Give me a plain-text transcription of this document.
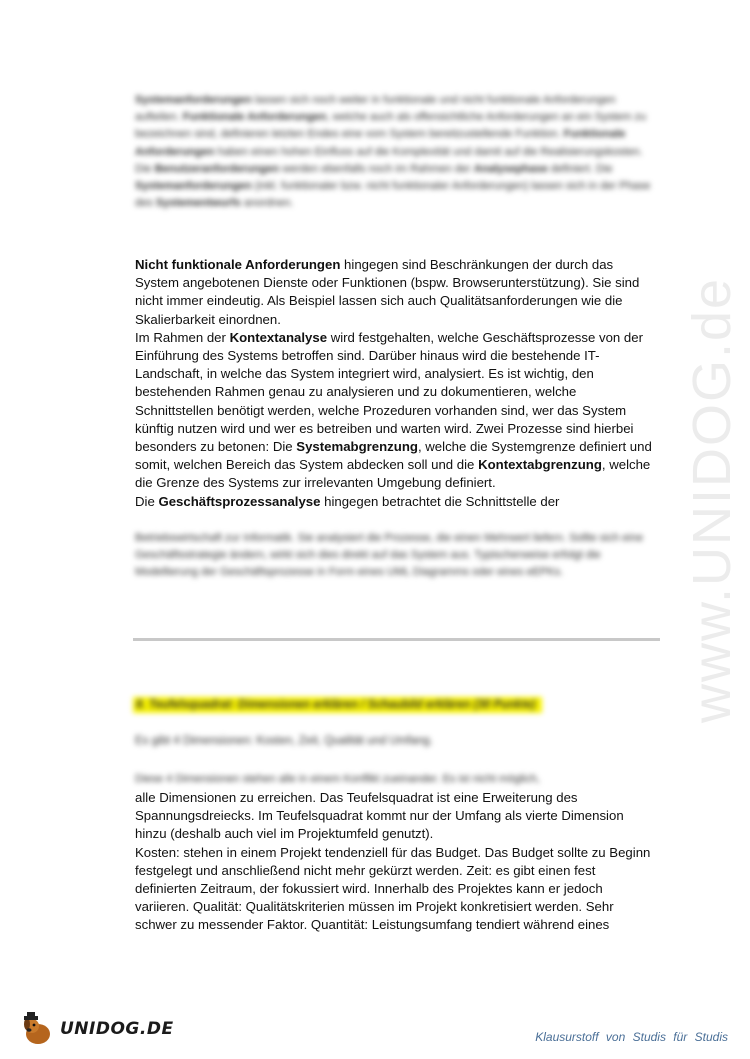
www.UNIDOG.de

Systemanforderungen lassen sich noch weiter in funktionale und nicht funktionale Anforderungen aufteilen. Funktionale Anforderungen, welche auch als offensichtliche Anforderungen an ein System zu bezeichnen sind, definieren letzten Endes eine vom System bereitzustellende Funktion. Funktionale Anforderungen haben einen hohen Einfluss auf die Komplexität und damit auf die Realisierungskosten.

Die Benutzeranforderungen werden ebenfalls noch im Rahmen der Analysephase definiert. Die Systemanforderungen (inkl. funktionaler bzw. nicht funktionaler Anforderungen) lassen sich in der Phase des Systementwurfs anordnen.

Nicht funktionale Anforderungen hingegen sind Beschränkungen der durch das System angebotenen Dienste oder Funktionen (bspw. Browserunterstützung). Sie sind nicht immer eindeutig. Als Beispiel lassen sich auch Qualitätsanforderungen wie die Skalierbarkeit einordnen.

Im Rahmen der Kontextanalyse wird festgehalten, welche Geschäftsprozesse von der Einführung des Systems betroffen sind. Darüber hinaus wird die bestehende IT-Landschaft, in welche das System integriert wird, analysiert. Es ist wichtig, den bestehenden Rahmen genau zu analysieren und zu dokumentieren, welche Schnittstellen benötigt werden, welche Prozeduren vorhanden sind, wer das System künftig nutzen wird und wer es betreiben und warten wird. Zwei Prozesse sind hierbei besonders zu betonen: Die Systemabgrenzung, welche die Systemgrenze definiert und somit, welchen Bereich das System abdecken soll und die Kontextabgrenzung, welche die Grenze des Systems zur irrelevanten Umgebung definiert.

Die Geschäftsprozessanalyse hingegen betrachtet die Schnittstelle der

Betriebswirtschaft zur Informatik. Sie analysiert die Prozesse, die einen Mehrwert liefern. Sollte sich eine Geschäftsstrategie ändern, wirkt sich dies direkt auf das System aus. Typischerweise erfolgt die Modellierung der Geschäftsprozesse in Form eines UML Diagramms oder eines eEPKs.

8. Teufelsquadrat: Dimensionen erklären / Schaubild erklären (30 Punkte)
Es gibt 4 Dimensionen: Kosten, Zeit, Qualität und Umfang.
Diese 4 Dimensionen stehen alle in einem Konflikt zueinander. Es ist nicht möglich,
alle Dimensionen zu erreichen. Das Teufelsquadrat ist eine Erweiterung des Spannungsdreiecks. Im Teufelsquadrat kommt nur der Umfang als vierte Dimension hinzu (deshalb auch viel im Projektumfeld genutzt).
Kosten: stehen in einem Projekt tendenziell für das Budget. Das Budget sollte zu Beginn festgelegt und anschließend nicht mehr gekürzt werden. Zeit: es gibt einen fest definierten Zeitraum, der fokussiert wird. Innerhalb des Projektes kann er jedoch variieren. Qualität: Qualitätskriterien müssen im Projekt konkretisiert werden. Sehr schwer zu messender Faktor. Quantität: Leistungsumfang tendiert während eines
UNIDOG.DE	Klausurstoff von Studis für Studis
